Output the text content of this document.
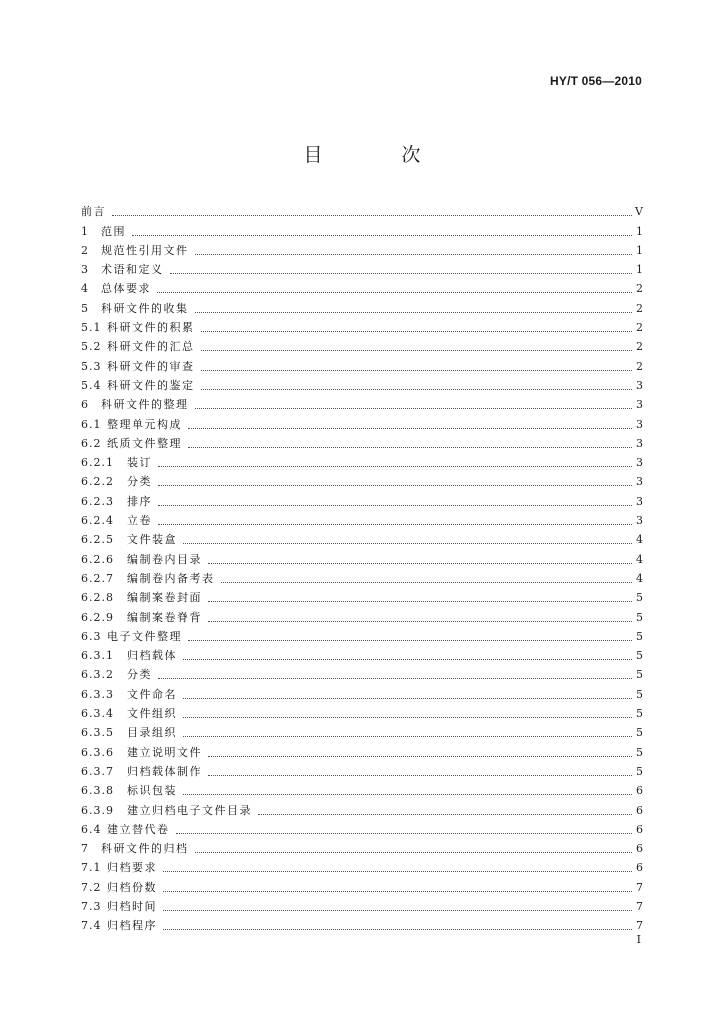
HY/T 056—2010
目　次
前言	Ⅴ
1	范围	1
2	规范性引用文件	1
3	术语和定义	1
4	总体要求	2
5	科研文件的收集	2
5.1 科研文件的积累	2
5.2 科研文件的汇总	2
5.3 科研文件的审查	2
5.4 科研文件的鉴定	3
6	科研文件的整理	3
6.1 整理单元构成	3
6.2 纸质文件整理	3
6.2.1	装订	3
6.2.2	分类	3
6.2.3	排序	3
6.2.4	立卷	3
6.2.5	文件装盒	4
6.2.6	编制卷内目录	4
6.2.7	编制卷内备考表	4
6.2.8	编制案卷封面	5
6.2.9	编制案卷脊背	5
6.3 电子文件整理	5
6.3.1	归档载体	5
6.3.2	分类	5
6.3.3	文件命名	5
6.3.4	文件组织	5
6.3.5	目录组织	5
6.3.6	建立说明文件	5
6.3.7	归档载体制作	5
6.3.8	标识包装	6
6.3.9	建立归档电子文件目录	6
6.4 建立替代卷	6
7	科研文件的归档	6
7.1 归档要求	6
7.2 归档份数	7
7.3 归档时间	7
7.4 归档程序	7
Ⅰ
